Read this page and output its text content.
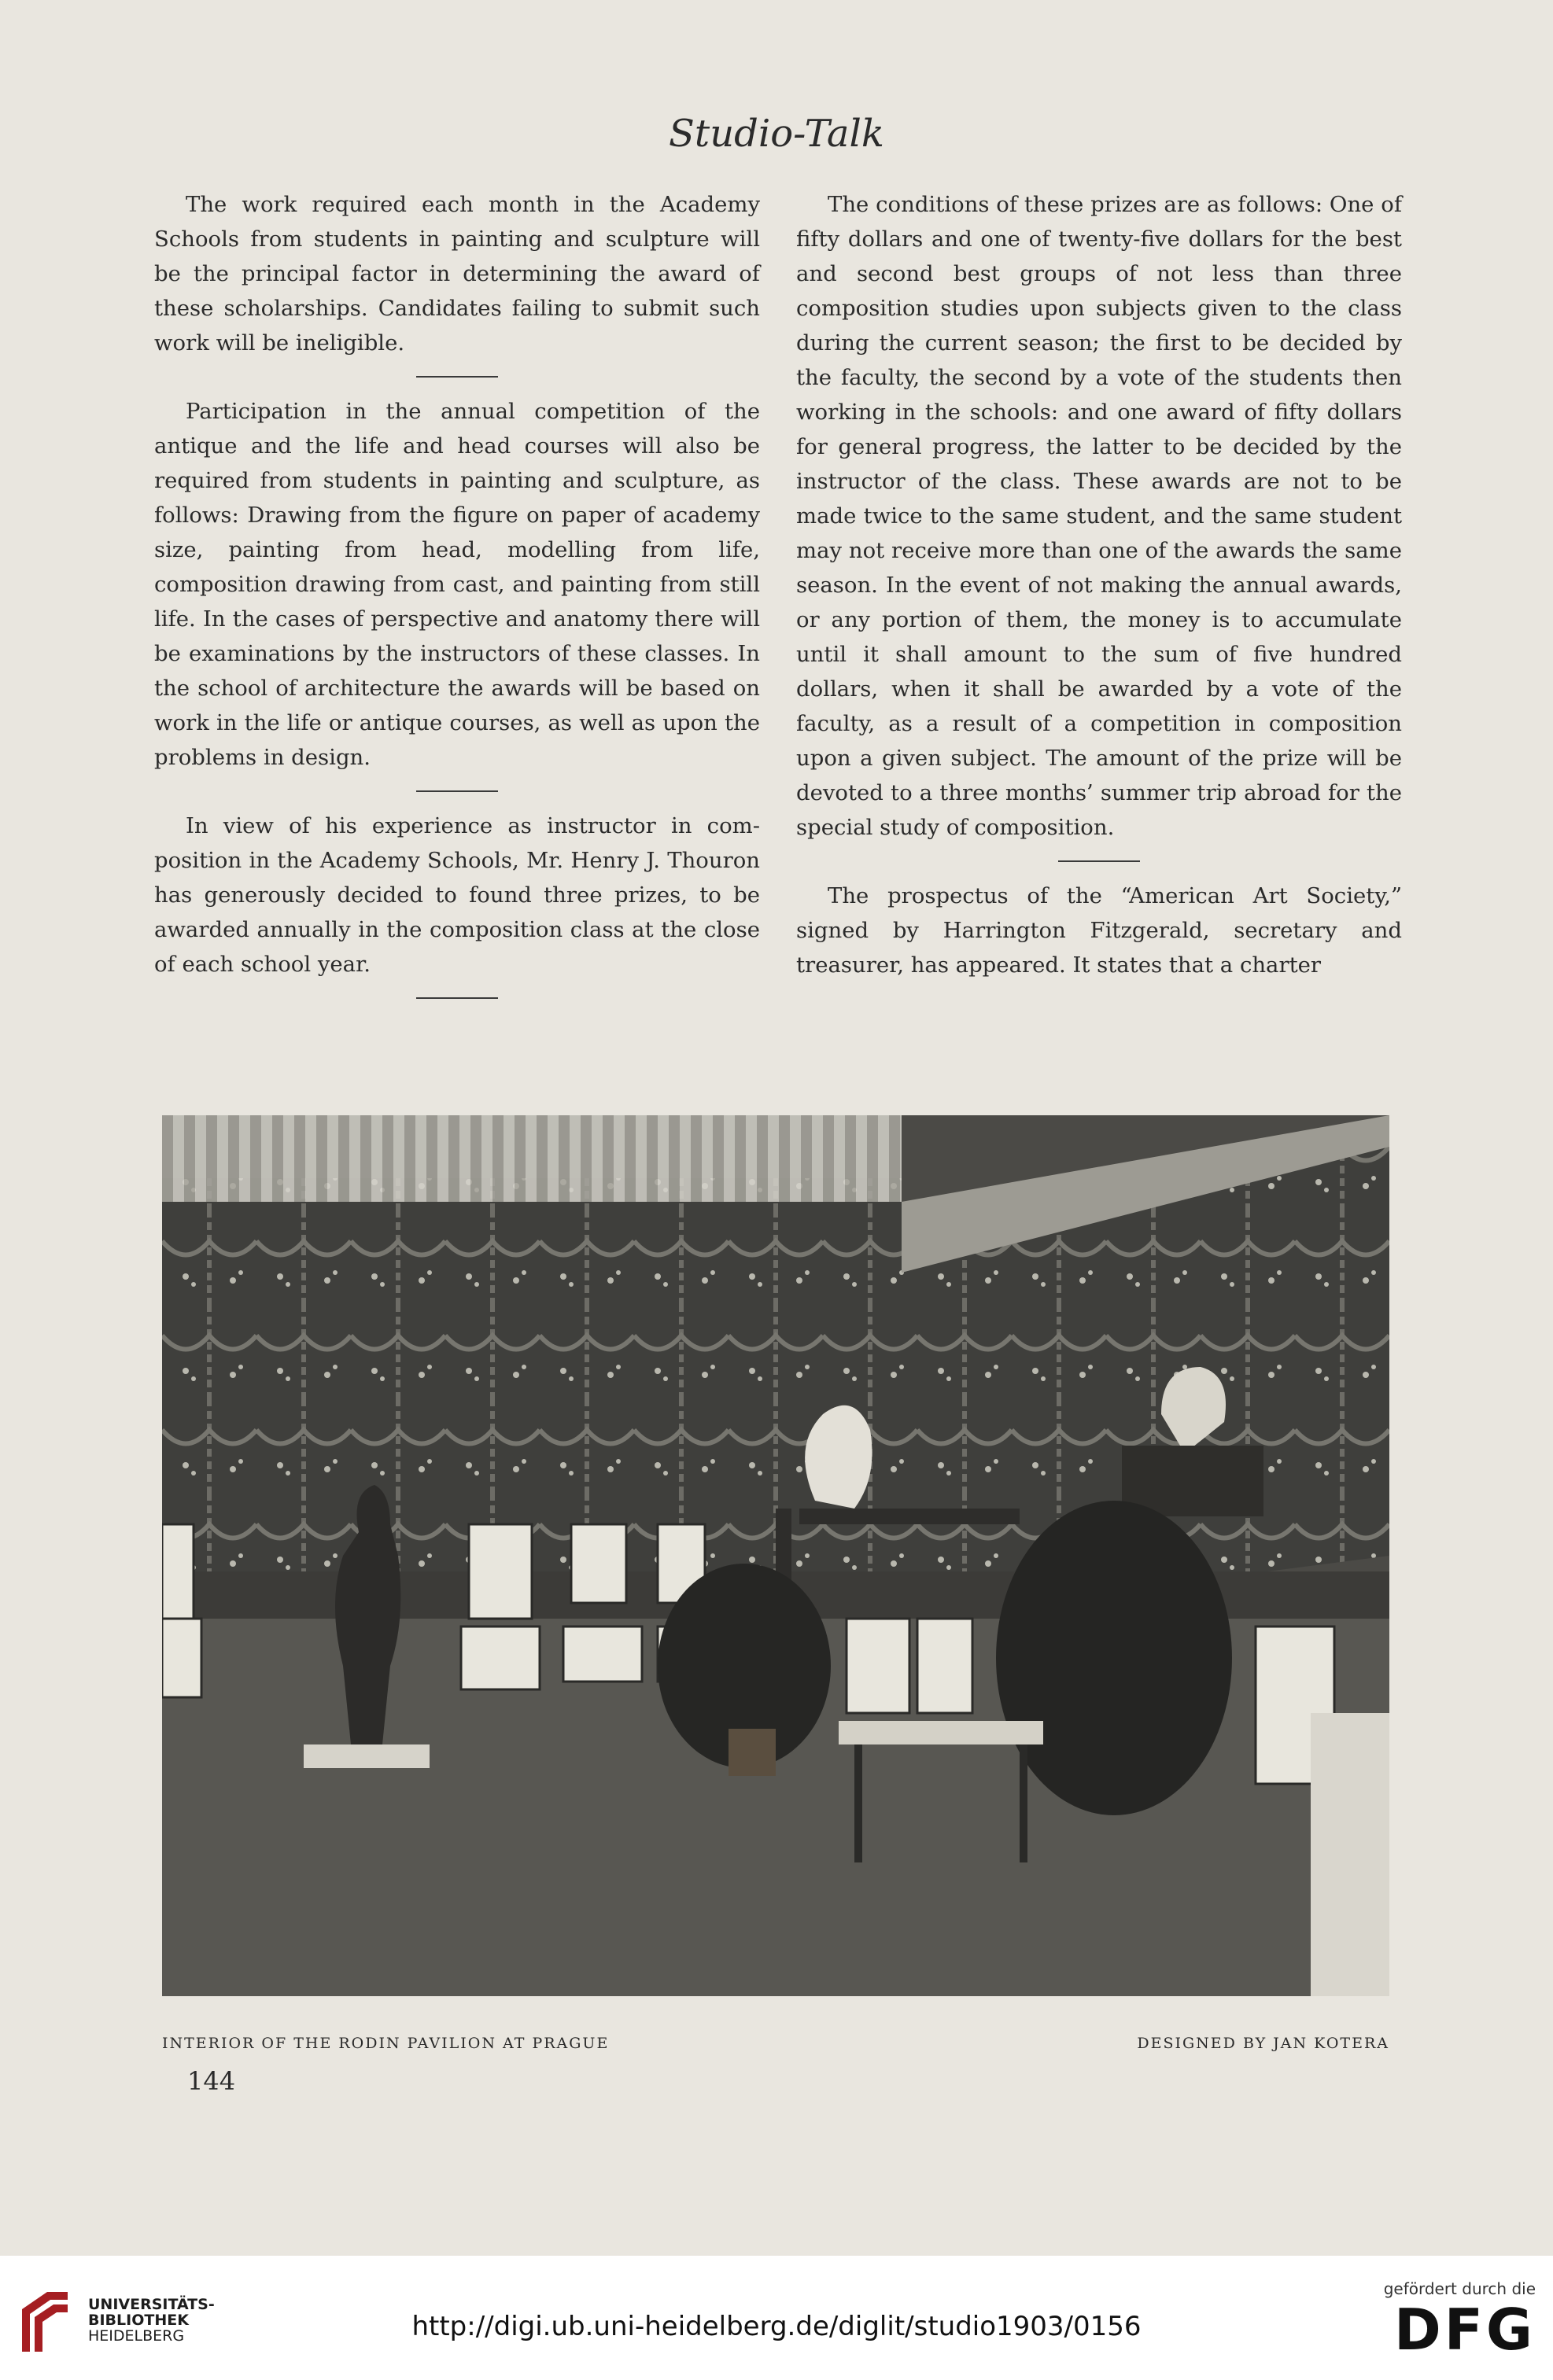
Studio-Talk

The work required each month in the Academy Schools from students in painting and sculpture will be the principal factor in determining the award of these scholarships. Candidates failing to submit such work will be ineligible.

Participation in the annual competition of the antique and the life and head courses will also be required from students in painting and sculpture, as follows: Drawing from the figure on paper of academy size, painting from head, modelling from life, composition drawing from cast, and painting from still life. In the cases of perspective and anatomy there will be examinations by the instructors of these classes. In the school of architecture the awards will be based on work in the life or antique courses, as well as upon the problems in design.

In view of his experience as instructor in composition in the Academy Schools, Mr. Henry J. Thouron has generously decided to found three prizes, to be awarded annually in the composition class at the close of each school year.

The conditions of these prizes are as follows: One of fifty dollars and one of twenty-five dollars for the best and second best groups of not less than three composition studies upon subjects given to the class during the current season; the first to be decided by the faculty, the second by a vote of the students then working in the schools: and one award of fifty dollars for general progress, the latter to be decided by the instructor of the class. These awards are not to be made twice to the same student, and the same student may not receive more than one of the awards the same season. In the event of not making the annual awards, or any portion of them, the money is to accumulate until it shall amount to the sum of five hundred dollars, when it shall be awarded by a vote of the faculty, as a result of a competition in composition upon a given subject. The amount of the prize will be devoted to a three months’ summer trip abroad for the special study of composition.

The prospectus of the “American Art Society,” signed by Harrington Fitzgerald, secretary and treasurer, has appeared. It states that a charter

INTERIOR OF THE RODIN PAVILION AT PRAGUE	DESIGNED BY JAN KOTERA
144
UNIVERSITÄTS-
BIBLIOTHEK
HEIDELBERG	http://digi.ub.uni-heidelberg.de/diglit/studio1903/0156
gefördert durch die
DFG
